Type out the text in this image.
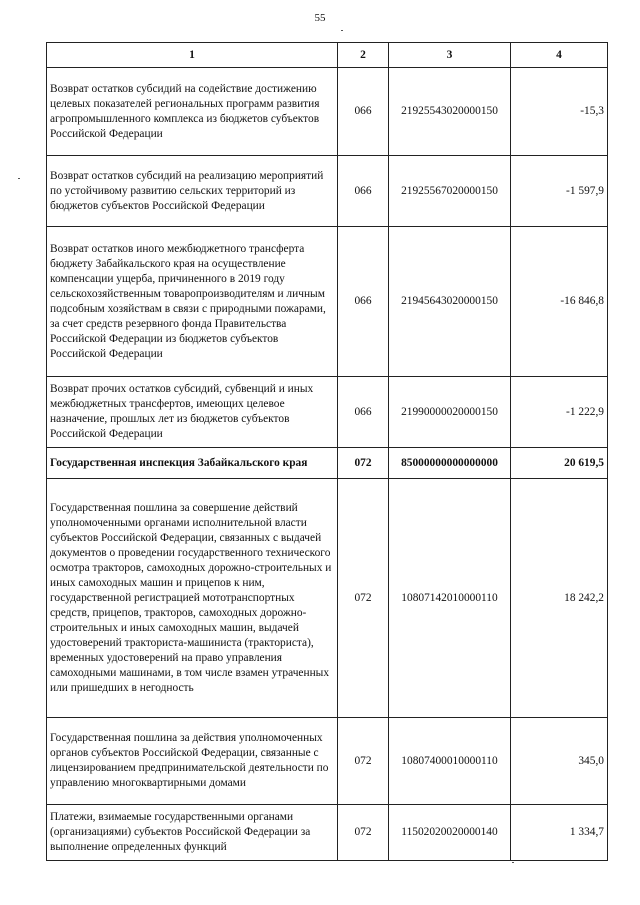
55
1	2	3	4
Возврат остатков субсидий на содействие достижению целевых показателей региональных программ развития агропромышленного комплекса из бюджетов субъектов Российской Федерации	066	21925543020000150	-15,3
Возврат остатков субсидий на реализацию мероприятий по устойчивому развитию сельских территорий из бюджетов субъектов Российской Федерации	066	21925567020000150	-1 597,9
Возврат остатков иного межбюджетного трансферта бюджету Забайкальского края на осуществление компенсации ущерба, причиненного в 2019 году сельскохозяйственным товаропроизводителям и личным подсобным хозяйствам в связи с природными пожарами, за счет средств резервного фонда Правительства Российской Федерации из бюджетов субъектов Российской Федерации	066	21945643020000150	-16 846,8
Возврат прочих остатков субсидий, субвенций и иных межбюджетных трансфертов, имеющих целевое назначение, прошлых лет из бюджетов субъектов Российской Федерации	066	21990000020000150	-1 222,9
Государственная инспекция Забайкальского края	072	85000000000000000	20 619,5
Государственная пошлина за совершение действий уполномоченными органами исполнительной власти субъектов Российской Федерации, связанных с выдачей документов о проведении государственного технического осмотра тракторов, самоходных дорожно-строительных и иных самоходных машин и прицепов к ним, государственной регистрацией мототранспортных средств, прицепов, тракторов, самоходных дорожно-строительных и иных самоходных машин, выдачей удостоверений тракториста-машиниста (тракториста), временных удостоверений на право управления самоходными машинами, в том числе взамен утраченных или пришедших в негодность	072	10807142010000110	18 242,2
Государственная пошлина за действия уполномоченных органов субъектов Российской Федерации, связанные с лицензированием предпринимательской деятельности по управлению многоквартирными домами	072	10807400010000110	345,0
Платежи, взимаемые государственными органами (организациями) субъектов Российской Федерации за выполнение определенных функций	072	11502020020000140	1 334,7
